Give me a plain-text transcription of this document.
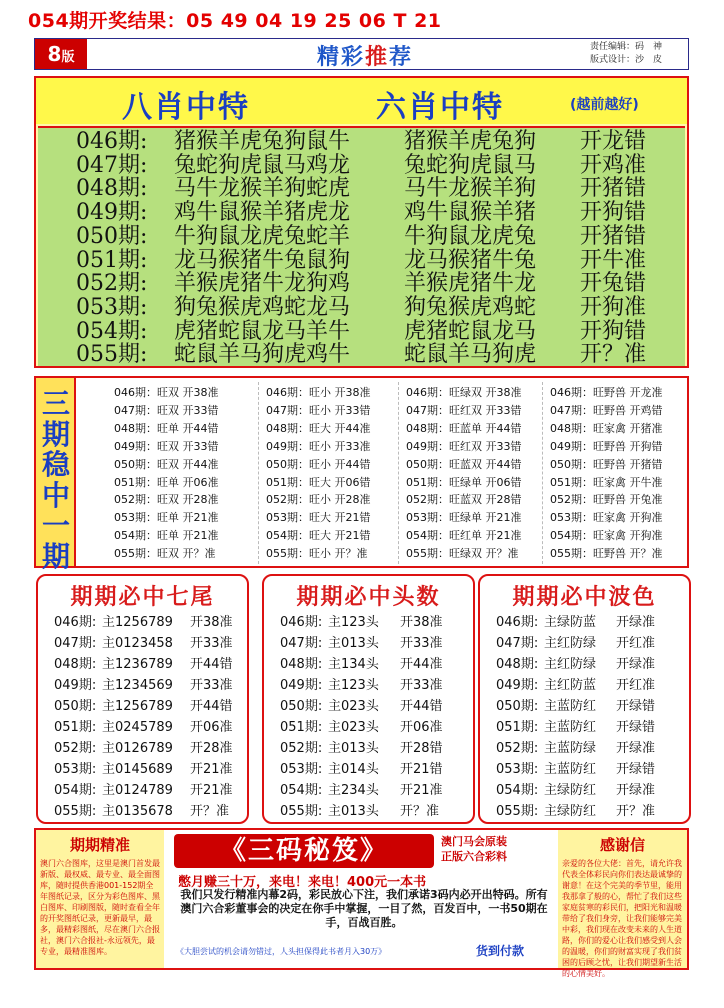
054期开奖结果：05 49 04 19 25 06 T 21
8版	精彩推荐	责任编辑：码　神
版式设计：沙　皮
八肖中特	六肖中特	(越前越好)
046期: 猪猴羊虎兔狗鼠牛 猪猴羊虎兔狗 开龙错
047期: 兔蛇狗虎鼠马鸡龙 兔蛇狗虎鼠马 开鸡准
048期: 马牛龙猴羊狗蛇虎 马牛龙猴羊狗 开猪错
049期: 鸡牛鼠猴羊猪虎龙 鸡牛鼠猴羊猪 开狗错
050期: 牛狗鼠龙虎兔蛇羊 牛狗鼠龙虎兔 开猪错
051期: 龙马猴猪牛兔鼠狗 龙马猴猪牛兔 开牛准
052期: 羊猴虎猪牛龙狗鸡 羊猴虎猪牛龙 开兔错
053期: 狗兔猴虎鸡蛇龙马 狗兔猴虎鸡蛇 开狗准
054期: 虎猪蛇鼠龙马羊牛 虎猪蛇鼠龙马 开狗错
055期: 蛇鼠羊马狗虎鸡牛 蛇鼠羊马狗虎 开？准
三
期
稳
中
一
期
046期：旺双 开38准
047期：旺双 开33错
048期：旺单 开44错
049期：旺双 开33错
050期：旺双 开44准
051期：旺单 开06准
052期：旺双 开28准
053期：旺单 开21准
054期：旺单 开21准
055期：旺双 开？准
046期：旺小 开38准
047期：旺小 开33错
048期：旺大 开44准
049期：旺小 开33准
050期：旺小 开44错
051期：旺大 开06错
052期：旺小 开28准
053期：旺大 开21错
054期：旺大 开21错
055期：旺小 开？准
046期：旺绿双 开38准
047期：旺红双 开33错
048期：旺蓝单 开44错
049期：旺红双 开33错
050期：旺蓝双 开44错
051期：旺绿单 开06错
052期：旺蓝双 开28错
053期：旺绿单 开21准
054期：旺红单 开21准
055期：旺绿双 开？准
046期：旺野兽 开龙准
047期：旺野兽 开鸡错
048期：旺家禽 开猪准
049期：旺野兽 开狗错
050期：旺野兽 开猪错
051期：旺家禽 开牛准
052期：旺野兽 开兔准
053期：旺家禽 开狗准
054期：旺家禽 开狗准
055期：旺野兽 开？准
期期必中七尾
046期: 主1256789 开38准
047期: 主0123458 开33准
048期: 主1236789 开44错
049期: 主1234569 开33准
050期: 主1256789 开44错
051期: 主0245789 开06准
052期: 主0126789 开28准
053期: 主0145689 开21准
054期: 主0124789 开21准
055期: 主0135678 开？准
期期必中头数
046期: 主123头 开38准
047期: 主013头 开33准
048期: 主134头 开44准
049期: 主123头 开33准
050期: 主023头 开44错
051期: 主023头 开06准
052期: 主013头 开28错
053期: 主014头 开21错
054期: 主234头 开21准
055期: 主013头 开？准
期期必中波色
046期: 主绿防蓝 开绿准
047期: 主红防绿 开红准
048期: 主红防绿 开绿准
049期: 主红防蓝 开红准
050期: 主蓝防红 开绿错
051期: 主蓝防红 开绿错
052期: 主蓝防绿 开绿准
053期: 主蓝防红 开绿错
054期: 主绿防红 开绿准
055期: 主绿防红 开？准
期期精准
澳门六合图库，这里是澳门首发最新版、最权威、最专业、最全面图库，随时提供香港001-152期全年图纸记录，区分为彩色图库、黑白图库、印刷图版，随时查看全年的开奖图纸记录，更新最早，最多，最精彩图纸，尽在澳门六合报社，澳门六合报社-永远领先，最专业，最精准图库。
《三码秘笈》	澳门马会原装
正版六合彩料
憋月赚三十万，来电！来电！400元一本书
我们只发行精准内幕2码，彩民放心下注，我们承诺3码内必开出特码。所有澳门六合彩董事会的决定在你手中掌握，一目了然，百发百中，一书50期在手，百战百胜。
《大胆尝试的机会请勿错过，人头担保得此书者月入30万》	货到付款
感谢信
亲爱的各位大佬：首先，请允许我代表全体彩民向你们表达最诚挚的谢意！在这个完美的季节里，能用我那拿了般的心，帮忙了我们这些家庭贫寒的彩民们，把阳光和温暖带给了我们身旁，让我们能够完美中彩，我们现在改变未来的人生道路，你们的爱心让我们感受到人会的温暖，你们的财富实现了我们贫困的后顾之忧，让我们期望新生活的心情美好。
